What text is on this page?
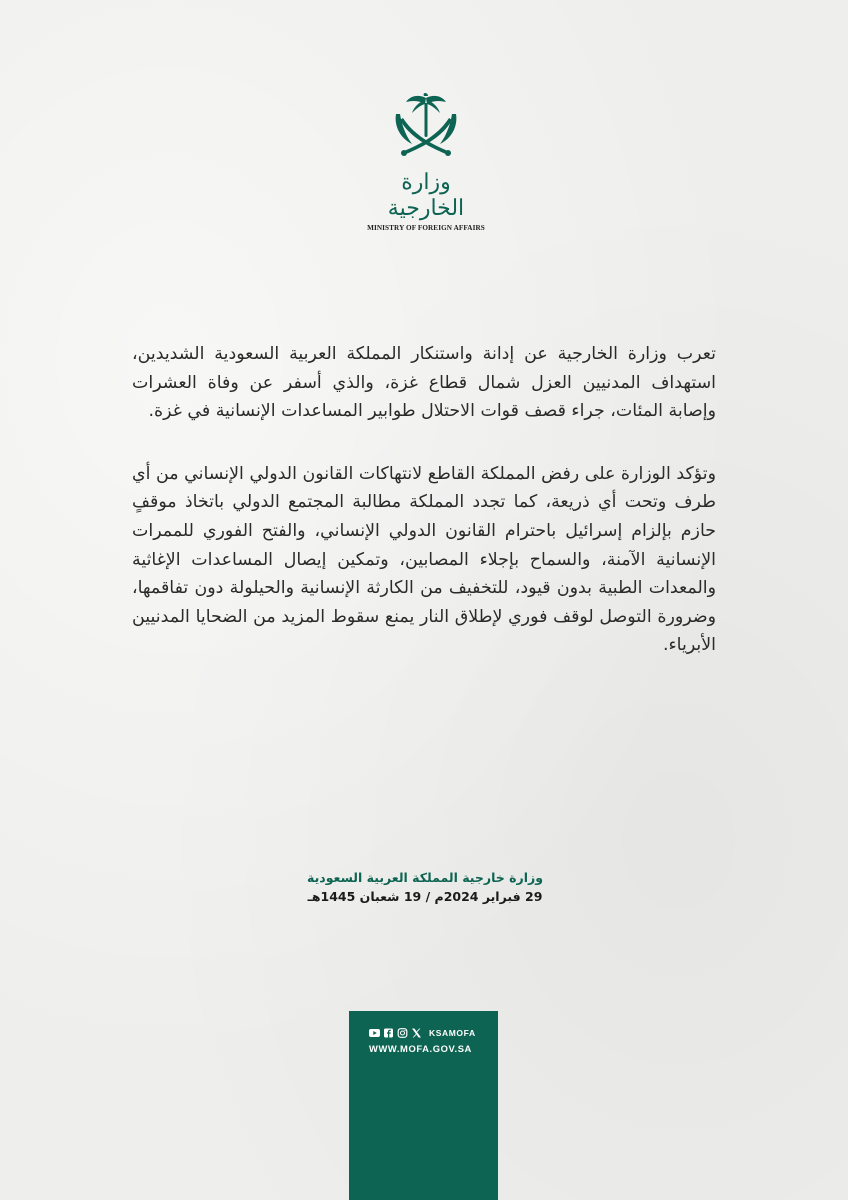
وزارة الخارجية
MINISTRY OF FOREIGN AFFAIRS

تعرب وزارة الخارجية عن إدانة واستنكار المملكة العربية السعودية الشديدين، استهداف المدنيين العزل شمال قطاع غزة، والذي أسفر عن وفاة العشرات وإصابة المئات، جراء قصف قوات الاحتلال طوابير المساعدات الإنسانية في غزة.

وتؤكد الوزارة على رفض المملكة القاطع لانتهاكات القانون الدولي الإنساني من أي طرف وتحت أي ذريعة، كما تجدد المملكة مطالبة المجتمع الدولي باتخاذ موقفٍ حازم بإلزام إسرائيل باحترام القانون الدولي الإنساني، والفتح الفوري للممرات الإنسانية الآمنة، والسماح بإجلاء المصابين، وتمكين إيصال المساعدات الإغاثية والمعدات الطبية بدون قيود، للتخفيف من الكارثة الإنسانية والحيلولة دون تفاقمها، وضرورة التوصل لوقف فوري لإطلاق النار يمنع سقوط المزيد من الضحايا المدنيين الأبرياء.

وزارة خارجية المملكة العربية السعودية
29 فبراير 2024م / 19 شعبان 1445هـ
KSAMOFA
WWW.MOFA.GOV.SA
